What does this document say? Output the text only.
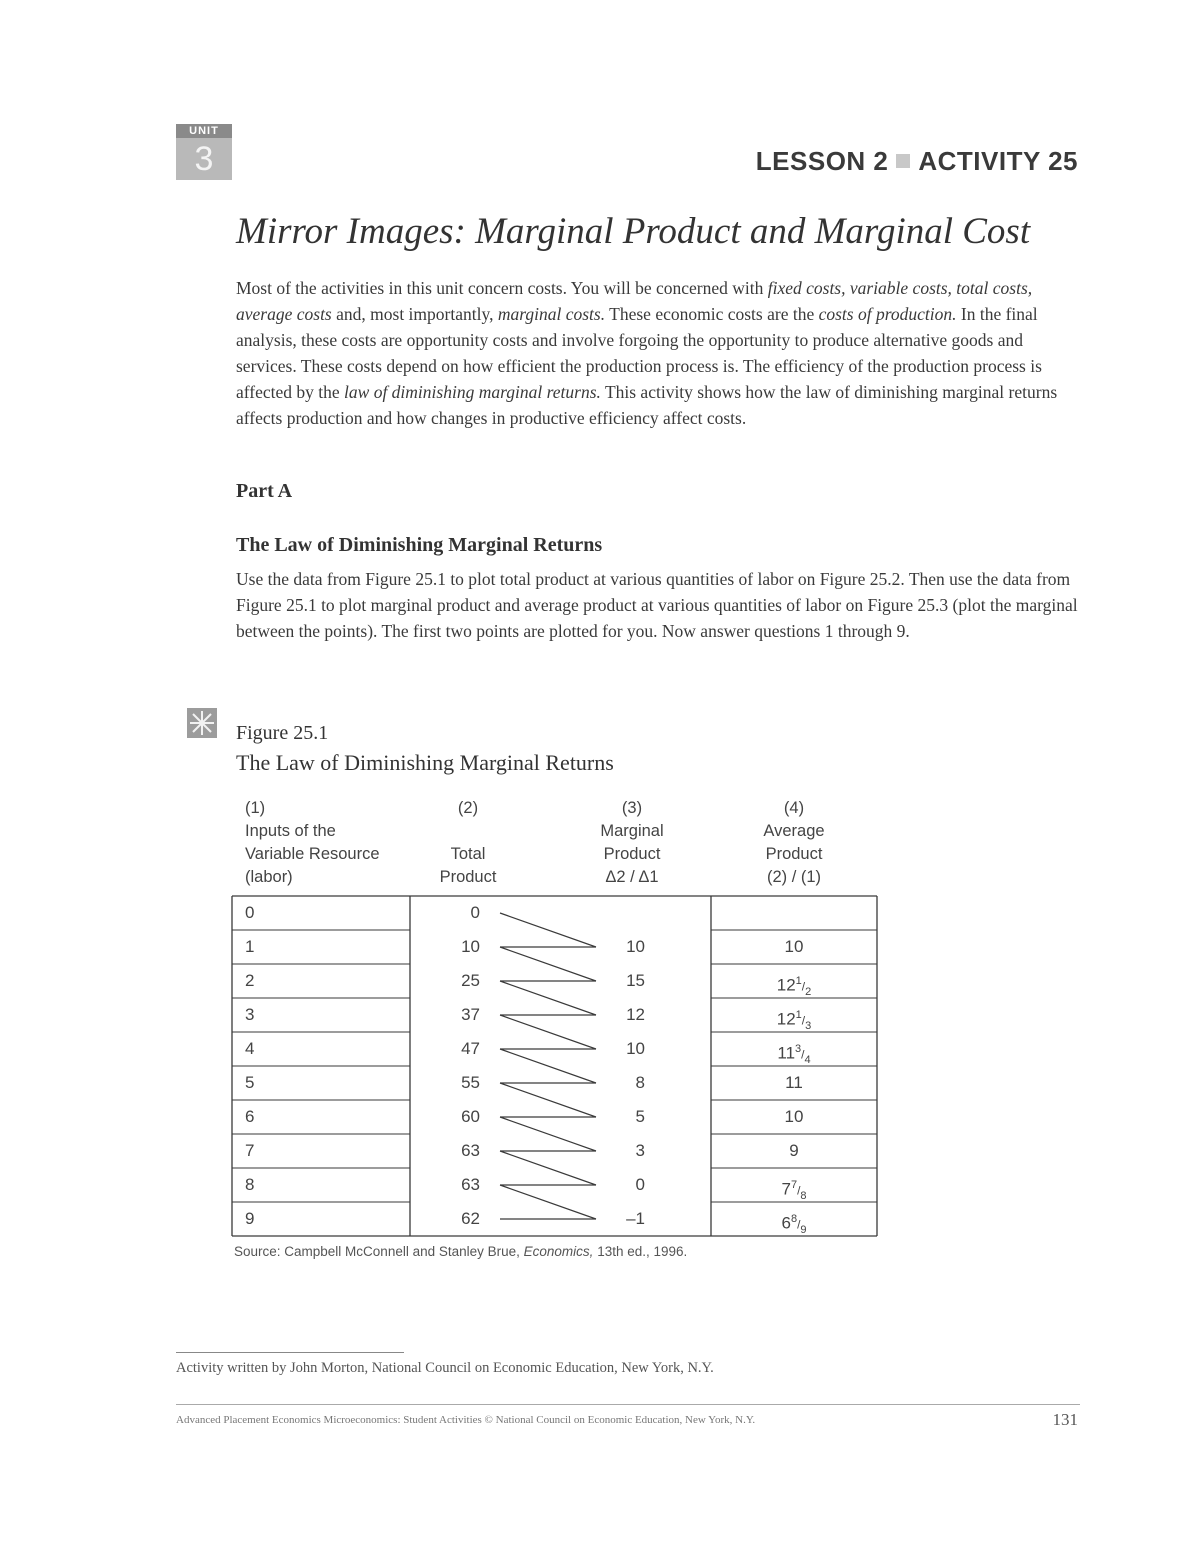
UNIT
3	LESSON 2 ACTIVITY 25
Mirror Images: Marginal Product and Marginal Cost

Most of the activities in this unit concern costs. You will be concerned with fixed costs, variable costs, total costs, average costs and, most importantly, marginal costs. These economic costs are the costs of production. In the final analysis, these costs are opportunity costs and involve forgoing the opportunity to produce alternative goods and services. These costs depend on how efficient the production process is. The efficiency of the production process is affected by the law of diminishing marginal returns. This activity shows how the law of diminishing marginal returns affects production and how changes in productive efficiency affect costs.

Part A
The Law of Diminishing Marginal Returns

Use the data from Figure 25.1 to plot total product at various quantities of labor on Figure 25.2. Then use the data from Figure 25.1 to plot marginal product and average product at various quantities of labor on Figure 25.3 (plot the marginal between the points). The first two points are plotted for you. Now answer questions 1 through 9.

Figure 25.1
The Law of Diminishing Marginal Returns
(1)
Inputs of the
Variable Resource
(labor)
(2)
Total
Product
(3)
Marginal
Product
Δ2 / Δ1
(4)
Average
Product
(2) / (1)
0	0
1	10	10	10
2	25	15	$12^1/_2$
3	37	12	$12^1/_3$
4	47	10	$11^3/_4$
5	55	8	11
6	60	5	10
7	63	3	9
8	63	0	$7^7/_8$
9	62	–1	$6^8/_9$
Source: Campbell McConnell and Stanley Brue, Economics, 13th ed., 1996.
Activity written by John Morton, National Council on Economic Education, New York, N.Y.
Advanced Placement Economics Microeconomics: Student Activities © National Council on Economic Education, New York, N.Y.	131
